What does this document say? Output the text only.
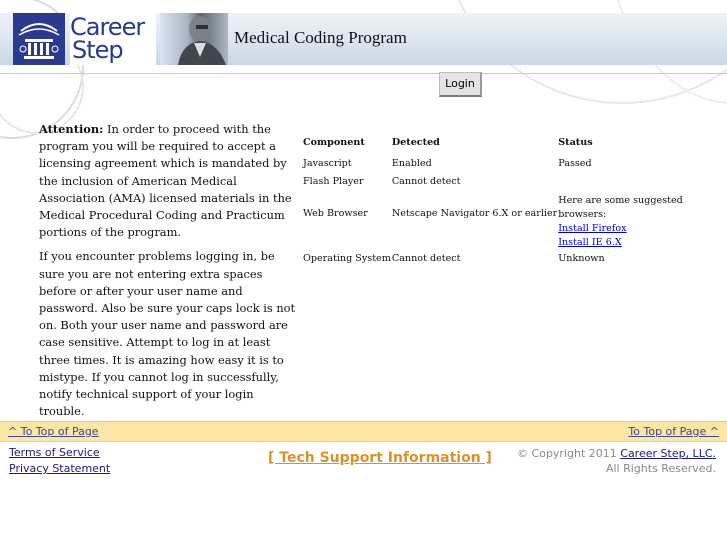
Career
Step	Medical Coding Program
Login

Attention: In order to proceed with the program you will be required to accept a licensing agreement which is mandated by the inclusion of American Medical Association (AMA) licensed materials in the Medical Procedural Coding and Practicum portions of the program.

If you encounter problems logging in, be sure you are not entering extra spaces before or after your user name and password. Also be sure your caps lock is not on. Both your user name and password are case sensitive. Attempt to log in at least three times. It is amazing how easy it is to mistype. If you cannot log in successfully, notify technical support of your login trouble.

Component	Detected	Status
Javascript	Enabled	Passed
Flash Player	Cannot detect	
Web Browser	Netscape Navigator 6.X or earlier	Here are some suggested browsers:
Install Firefox
Install IE 6.X

Operating System	Cannot detect	Unknown
^ To Top of Page	To Top of Page ^
Terms of Service
Privacy Statement
[ Tech Support Information ] © Copyright 2011 Career Step, LLC.
All Rights Reserved.
